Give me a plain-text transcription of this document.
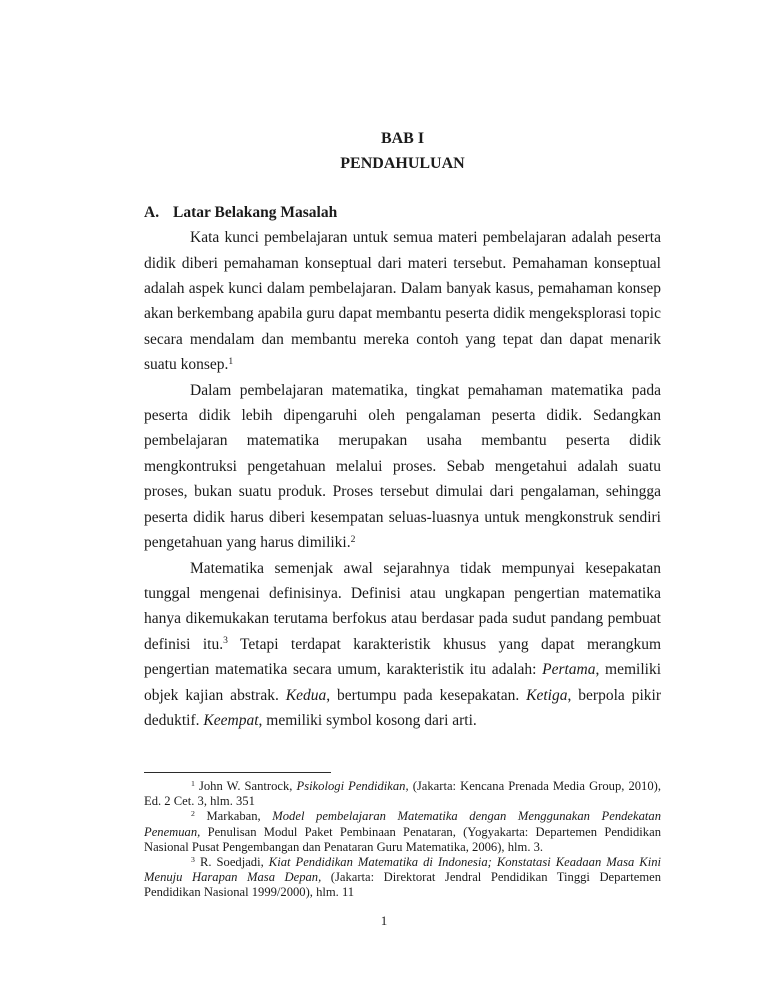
BAB I
PENDAHULUAN
A. Latar Belakang Masalah

Kata kunci pembelajaran untuk semua materi pembelajaran adalah peserta didik diberi pemahaman konseptual dari materi tersebut. Pemahaman konseptual adalah aspek kunci dalam pembelajaran. Dalam banyak kasus, pemahaman konsep akan berkembang apabila guru dapat membantu peserta didik mengeksplorasi topic secara mendalam dan membantu mereka contoh yang tepat dan dapat menarik suatu konsep.$^1$

Dalam pembelajaran matematika, tingkat pemahaman matematika pada peserta didik lebih dipengaruhi oleh pengalaman peserta didik. Sedangkan pembelajaran matematika merupakan usaha membantu peserta didik mengkontruksi pengetahuan melalui proses. Sebab mengetahui adalah suatu proses, bukan suatu produk. Proses tersebut dimulai dari pengalaman, sehingga peserta didik harus diberi kesempatan seluas-luasnya untuk mengkonstruk sendiri pengetahuan yang harus dimiliki.$^2$

Matematika semenjak awal sejarahnya tidak mempunyai kesepakatan tunggal mengenai definisinya. Definisi atau ungkapan pengertian matematika hanya dikemukakan terutama berfokus atau berdasar pada sudut pandang pembuat definisi itu.$^3$ Tetapi terdapat karakteristik khusus yang dapat merangkum pengertian matematika secara umum, karakteristik itu adalah: Pertama, memiliki objek kajian abstrak. Kedua, bertumpu pada kesepakatan. Ketiga, berpola pikir deduktif. Keempat, memiliki symbol kosong dari arti.

$^1$ John W. Santrock, Psikologi Pendidikan, (Jakarta: Kencana Prenada Media Group, 2010), Ed. 2 Cet. 3, hlm. 351

$^2$ Markaban, Model pembelajaran Matematika dengan Menggunakan Pendekatan Penemuan, Penulisan Modul Paket Pembinaan Penataran, (Yogyakarta: Departemen Pendidikan Nasional Pusat Pengembangan dan Penataran Guru Matematika, 2006), hlm. 3.

$^3$ R. Soedjadi, Kiat Pendidikan Matematika di Indonesia; Konstatasi Keadaan Masa Kini Menuju Harapan Masa Depan, (Jakarta: Direktorat Jendral Pendidikan Tinggi Departemen Pendidikan Nasional 1999/2000), hlm. 11

1
